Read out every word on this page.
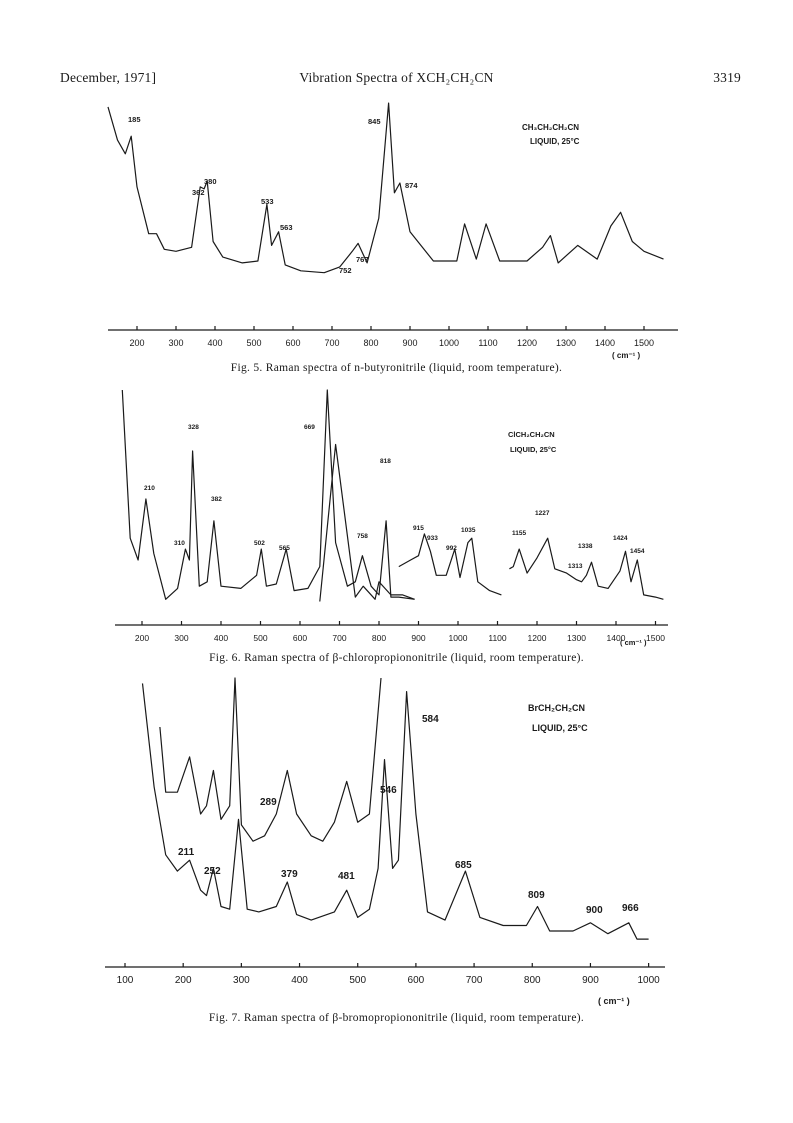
December, 1971]	Vibration Spectra of XCH₂CH₂CN	3319
200	300	400	500	600	700	800	900 1000 1100 1200 1300 1400 1500
CH₃CH₂CH₂CN
LIQUID, 25°C
( cm⁻¹ )
185
362
380
533
563
752
767
845
874
Fig. 5. Raman spectra of n-butyronitrile (liquid, room temperature).
200	300	400	500	600	700	800	900	1000 1100 1200 1300 1400 1500
ClCH₂CH₂CN
LIQUID, 25°C
( cm⁻¹ )
210
310
328
382
502
565
669
758
818
915
933
992
1035	1155
1227
1313
1338
1424
1454
Fig. 6. Raman spectra of β-chloropropiononitrile (liquid, room temperature).
100	200	300	400	500	600	700	800	900	1000
BrCH₂CH₂CN
LIQUID, 25°C
( cm⁻¹ )
211
252
289
379	481
546
584
685
809
900 966
Fig. 7. Raman spectra of β-bromopropiononitrile (liquid, room temperature).
